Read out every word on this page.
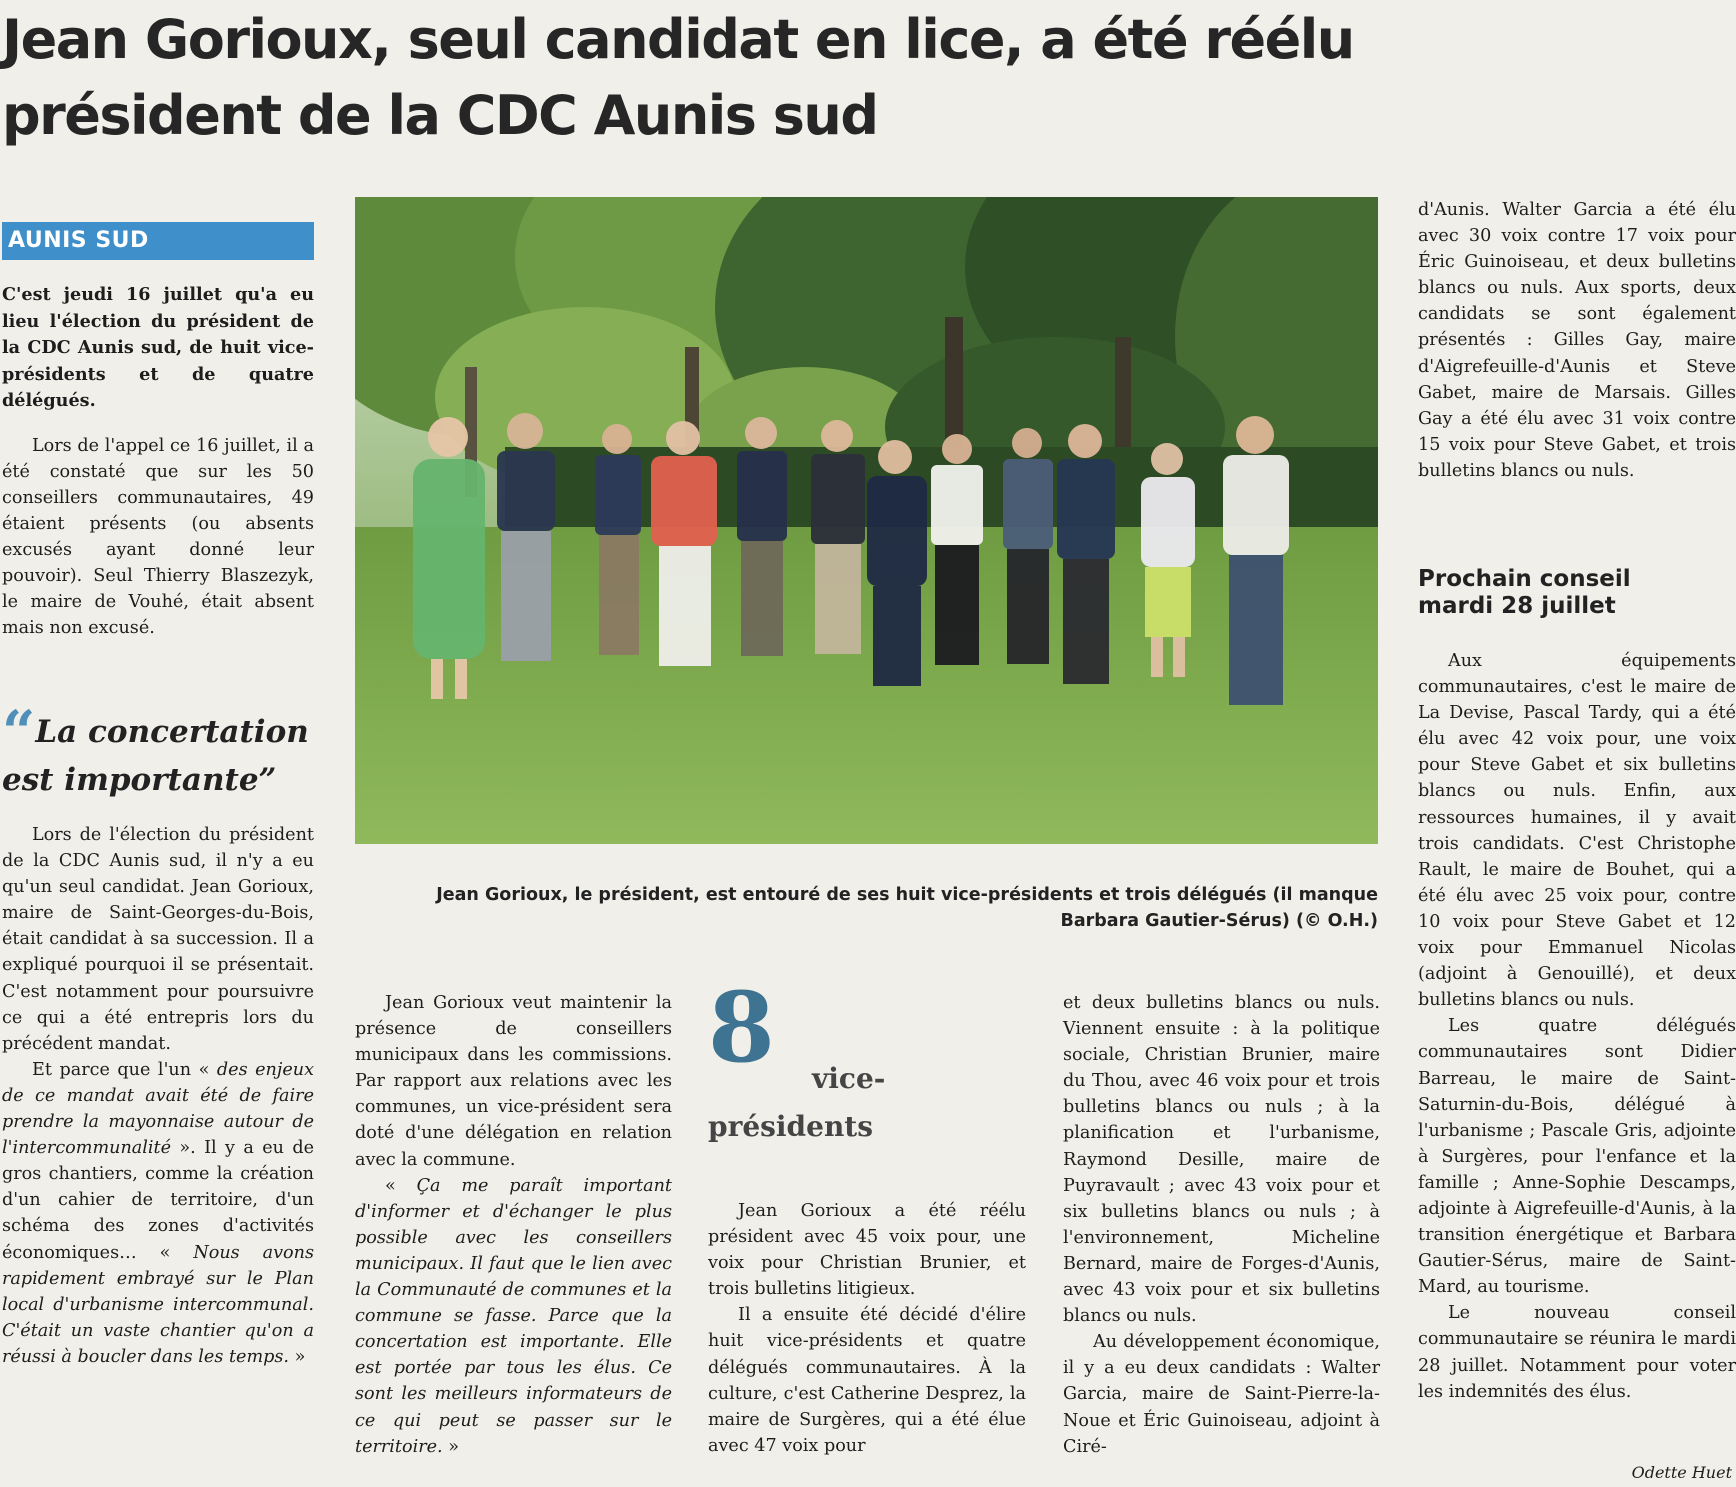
Jean Gorioux, seul candidat en lice, a été réélu
président de la CDC Aunis sud
AUNIS SUD

C'est jeudi 16 juillet qu'a eu lieu l'élection du président de la CDC Aunis sud, de huit vice-présidents et de quatre délégués.

Lors de l'appel ce 16 juillet, il a été constaté que sur les 50 conseillers communautaires, 49 étaient présents (ou absents excusés ayant donné leur pouvoir). Seul Thierry Blaszezyk, le maire de Vouhé, était absent mais non excusé.

“La concertation est importante”

Lors de l'élection du président de la CDC Aunis sud, il n'y a eu qu'un seul candidat. Jean Gorioux, maire de Saint-Georges-du-Bois, était candidat à sa succession. Il a expliqué pourquoi il se présentait. C'est notamment pour poursuivre ce qui a été entrepris lors du précédent mandat.

Et parce que l'un « des enjeux de ce mandat avait été de faire prendre la mayonnaise autour de l'intercommunalité ». Il y a eu de gros chantiers, comme la création d'un cahier de territoire, d'un schéma des zones d'activités économiques… « Nous avons rapidement embrayé sur le Plan local d'urbanisme intercommunal. C'était un vaste chantier qu'on a réussi à boucler dans les temps. »

Jean Gorioux, le président, est entouré de ses huit vice-présidents et trois délégués (il manque
Barbara Gautier-Sérus) (© O.H.)

Jean Gorioux veut maintenir la présence de conseillers municipaux dans les commissions. Par rapport aux relations avec les communes, un vice-président sera doté d'une délégation en relation avec la commune.

« Ça me paraît important d'informer et d'échanger le plus possible avec les conseillers municipaux. Il faut que le lien avec la Communauté de communes et la commune se fasse. Parce que la concertation est importante. Elle est portée par tous les élus. Ce sont les meilleurs informateurs de ce qui peut se passer sur le territoire. »

8 vice-
présidents

Jean Gorioux a été réélu président avec 45 voix pour, une voix pour Christian Brunier, et trois bulletins litigieux.

Il a ensuite été décidé d'élire huit vice-présidents et quatre délégués communautaires. À la culture, c'est Catherine Desprez, la maire de Surgères, qui a été élue avec 47 voix pour

et deux bulletins blancs ou nuls. Viennent ensuite : à la politique sociale, Christian Brunier, maire du Thou, avec 46 voix pour et trois bulletins blancs ou nuls ; à la planification et l'urbanisme, Raymond Desille, maire de Puyravault ; avec 43 voix pour et six bulletins blancs ou nuls ; à l'environnement, Micheline Bernard, maire de Forges-d'Aunis, avec 43 voix pour et six bulletins blancs ou nuls.

Au développement économique, il y a eu deux candidats : Walter Garcia, maire de Saint-Pierre-la-Noue et Éric Guinoiseau, adjoint à Ciré-

d'Aunis. Walter Garcia a été élu avec 30 voix contre 17 voix pour Éric Guinoiseau, et deux bulletins blancs ou nuls. Aux sports, deux candidats se sont également présentés : Gilles Gay, maire d'Aigrefeuille-d'Aunis et Steve Gabet, maire de Marsais. Gilles Gay a été élu avec 31 voix contre 15 voix pour Steve Gabet, et trois bulletins blancs ou nuls.

Prochain conseil
mardi 28 juillet

Aux équipements communautaires, c'est le maire de La Devise, Pascal Tardy, qui a été élu avec 42 voix pour, une voix pour Steve Gabet et six bulletins blancs ou nuls. Enfin, aux ressources humaines, il y avait trois candidats. C'est Christophe Rault, le maire de Bouhet, qui a été élu avec 25 voix pour, contre 10 voix pour Steve Gabet et 12 voix pour Emmanuel Nicolas (adjoint à Genouillé), et deux bulletins blancs ou nuls.

Les quatre délégués communautaires sont Didier Barreau, le maire de Saint-Saturnin-du-Bois, délégué à l'urbanisme ; Pascale Gris, adjointe à Surgères, pour l'enfance et la famille ; Anne-Sophie Descamps, adjointe à Aigrefeuille-d'Aunis, à la transition énergétique et Barbara Gautier-Sérus, maire de Saint-Mard, au tourisme.

Le nouveau conseil communautaire se réunira le mardi 28 juillet. Notamment pour voter les indemnités des élus.

Odette Huet
